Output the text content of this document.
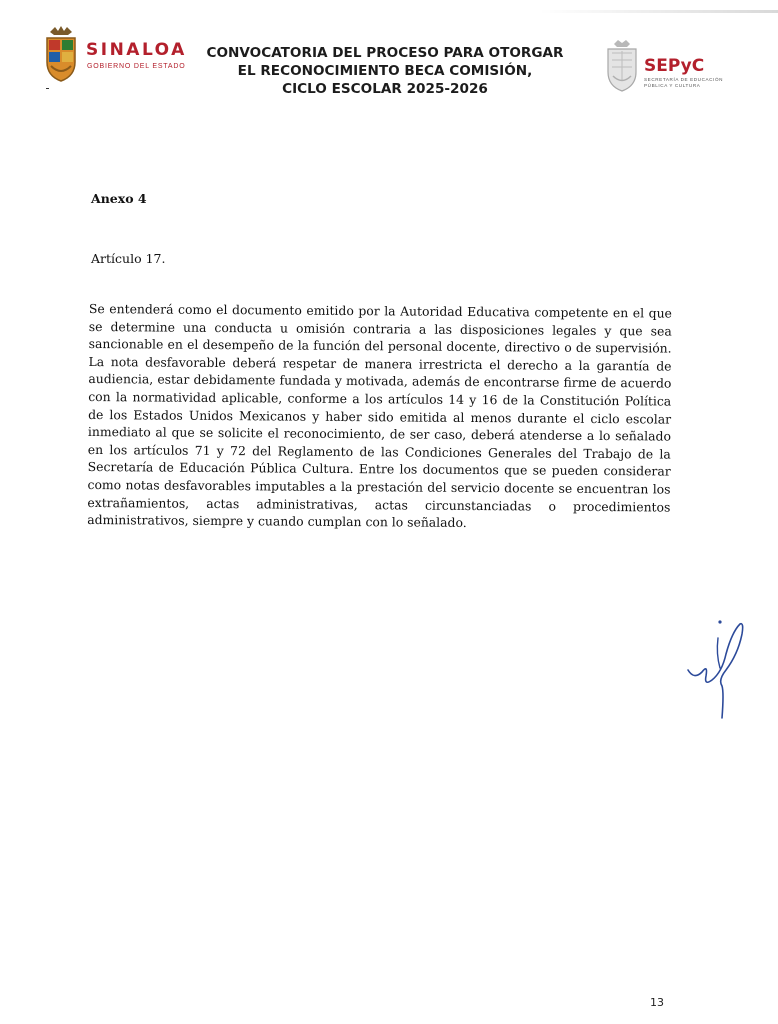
SINALOA
GOBIERNO DEL ESTADO
CONVOCATORIA DEL PROCESO PARA OTORGAR
EL RECONOCIMIENTO BECA COMISIÓN,
CICLO ESCOLAR 2025-2026
SEPyC
SECRETARÍA DE EDUCACIÓN
PÚBLICA Y CULTURA
Anexo 4
Artículo 17.

Se entenderá como el documento emitido por la Autoridad Educativa competente en el que se determine una conducta u omisión contraria a las disposiciones legales y que sea sancionable en el desempeño de la función del personal docente, directivo o de supervisión. La nota desfavorable deberá respetar de manera irrestricta el derecho a la garantía de audiencia, estar debidamente fundada y motivada, además de encontrarse firme de acuerdo con la normatividad aplicable, conforme a los artículos 14 y 16 de la Constitución Política de los Estados Unidos Mexicanos y haber sido emitida al menos durante el ciclo escolar inmediato al que se solicite el reconocimiento, de ser caso, deberá atenderse a lo señalado en los artículos 71 y 72 del Reglamento de las Condiciones Generales del Trabajo de la Secretaría de Educación Pública Cultura. Entre los documentos que se pueden considerar como notas desfavorables imputables a la prestación del servicio docente se encuentran los extrañamientos, actas administrativas, actas circunstanciadas o procedimientos administrativos, siempre y cuando cumplan con lo señalado.

13
